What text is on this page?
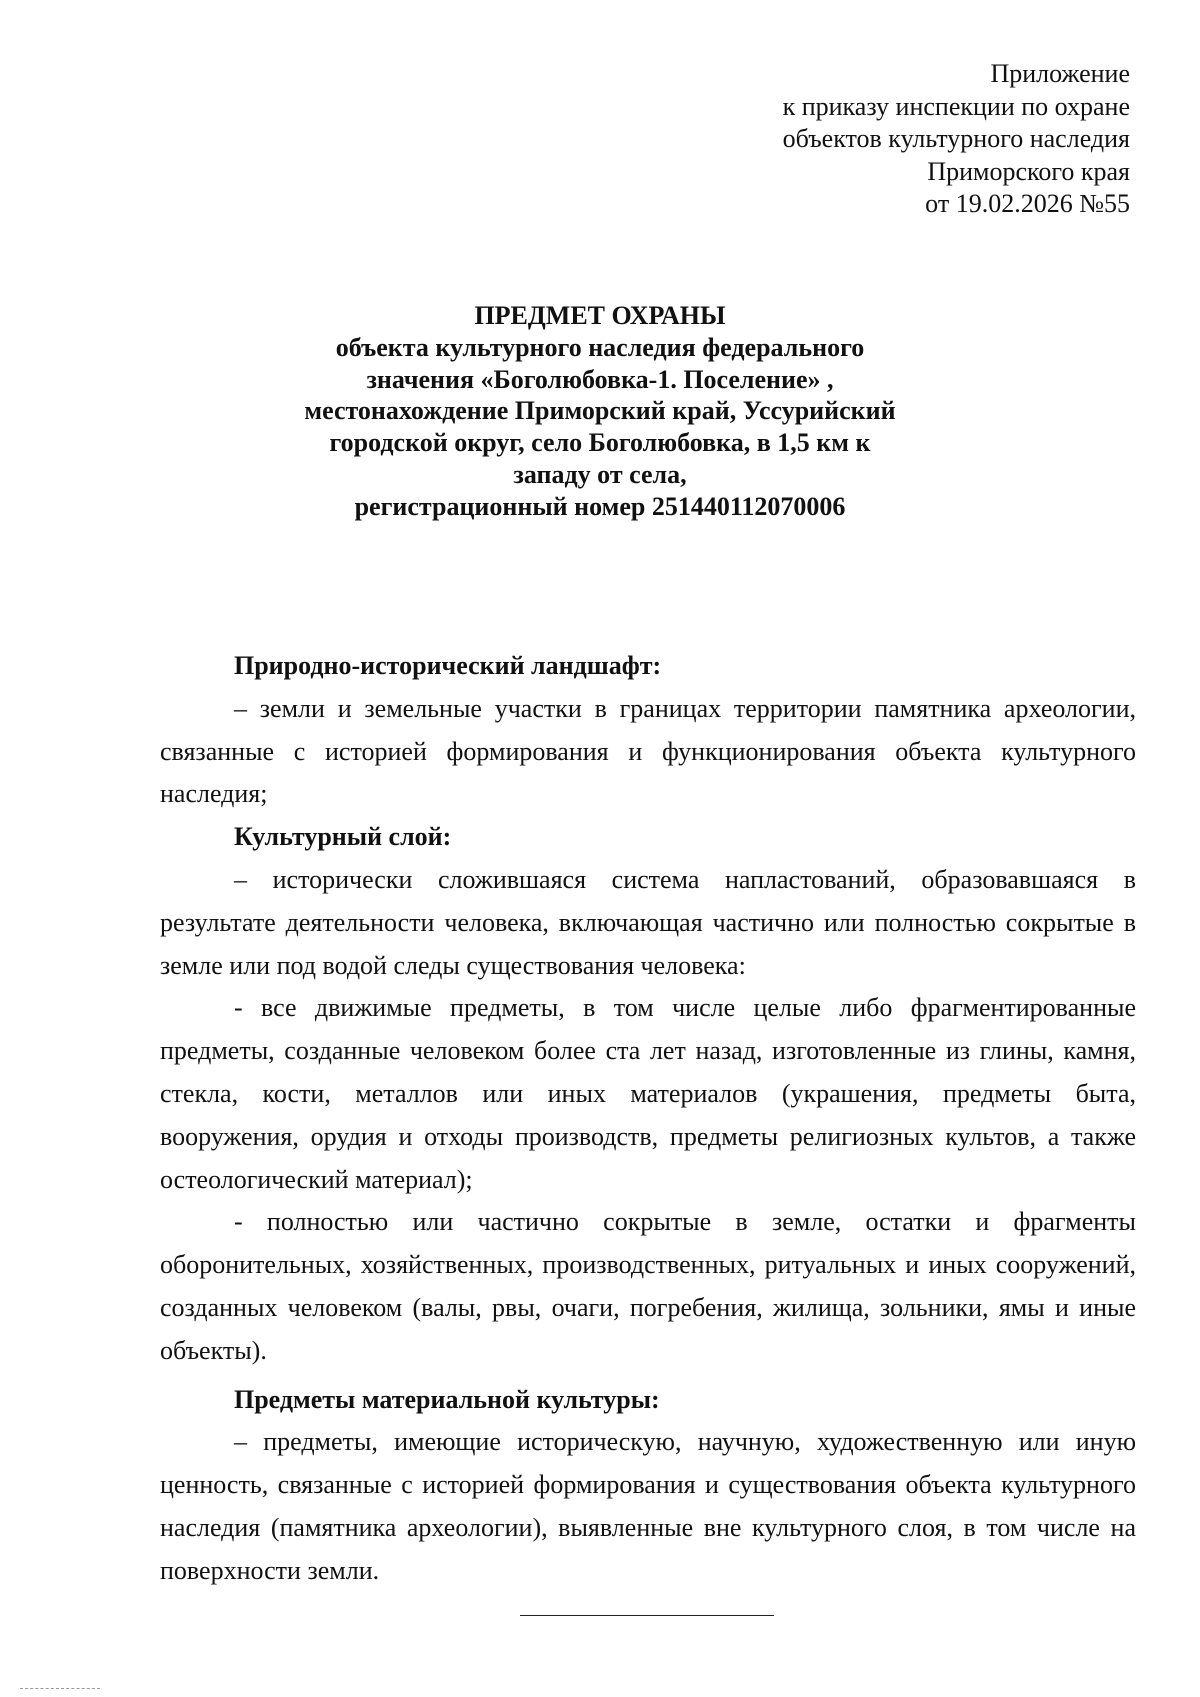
Приложение
к приказу инспекции по охране
объектов культурного наследия
Приморского края
от 19.02.2026 №55
ПРЕДМЕТ ОХРАНЫ
объекта культурного наследия федерального
значения «Боголюбовка-1. Поселение» ,
местонахождение Приморский край, Уссурийский
городской округ, село Боголюбовка, в 1,5 км к
западу от села,
регистрационный номер 251440112070006
Природно-исторический ландшафт:

– земли и земельные участки в границах территории памятника археологии, связанные с историей формирования и функционирования объекта культурного наследия;

Культурный слой:

– исторически сложившаяся система напластований, образовавшаяся в результате деятельности человека, включающая частично или полностью сокрытые в земле или под водой следы существования человека:

- все движимые предметы, в том числе целые либо фрагментированные предметы, созданные человеком более ста лет назад, изготовленные из глины, камня, стекла, кости, металлов или иных материалов (украшения, предметы быта, вооружения, орудия и отходы производств, предметы религиозных культов, а также остеологический материал);

- полностью или частично сокрытые в земле, остатки и фрагменты оборонительных, хозяйственных, производственных, ритуальных и иных сооружений, созданных человеком (валы, рвы, очаги, погребения, жилища, зольники, ямы и иные объекты).

Предметы материальной культуры:

– предметы, имеющие историческую, научную, художественную или иную ценность, связанные с историей формирования и существования объекта культурного наследия (памятника археологии), выявленные вне культурного слоя, в том числе на поверхности земли.
